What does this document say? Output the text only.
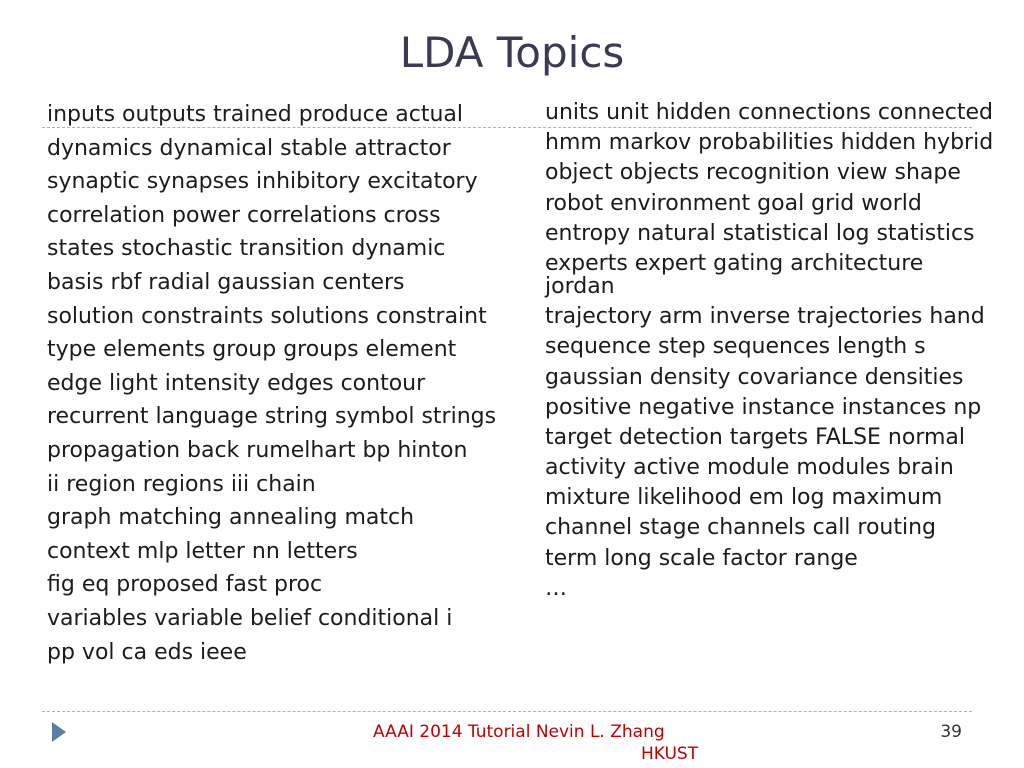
LDA Topics
inputs outputs trained produce actual
dynamics dynamical stable attractor
synaptic synapses inhibitory excitatory
correlation power correlations cross
states stochastic transition dynamic
basis rbf radial gaussian centers
solution constraints solutions constraint
type elements group groups element
edge light intensity edges contour
recurrent language string symbol strings
propagation back rumelhart bp hinton
ii region regions iii chain
graph matching annealing match
context mlp letter nn letters
fig eq proposed fast proc
variables variable belief conditional i
pp vol ca eds ieee
units unit hidden connections connected
hmm markov probabilities hidden hybrid
object objects recognition view shape
robot environment goal grid world
entropy natural statistical log statistics
experts expert gating architecture jordan
trajectory arm inverse trajectories hand
sequence step sequences length s
gaussian density covariance densities
positive negative instance instances np
target detection targets FALSE normal
activity active module modules brain
mixture likelihood em log maximum
channel stage channels call routing
term long scale factor range
…
AAAI 2014 Tutorial Nevin L. Zhang
HKUST
39
